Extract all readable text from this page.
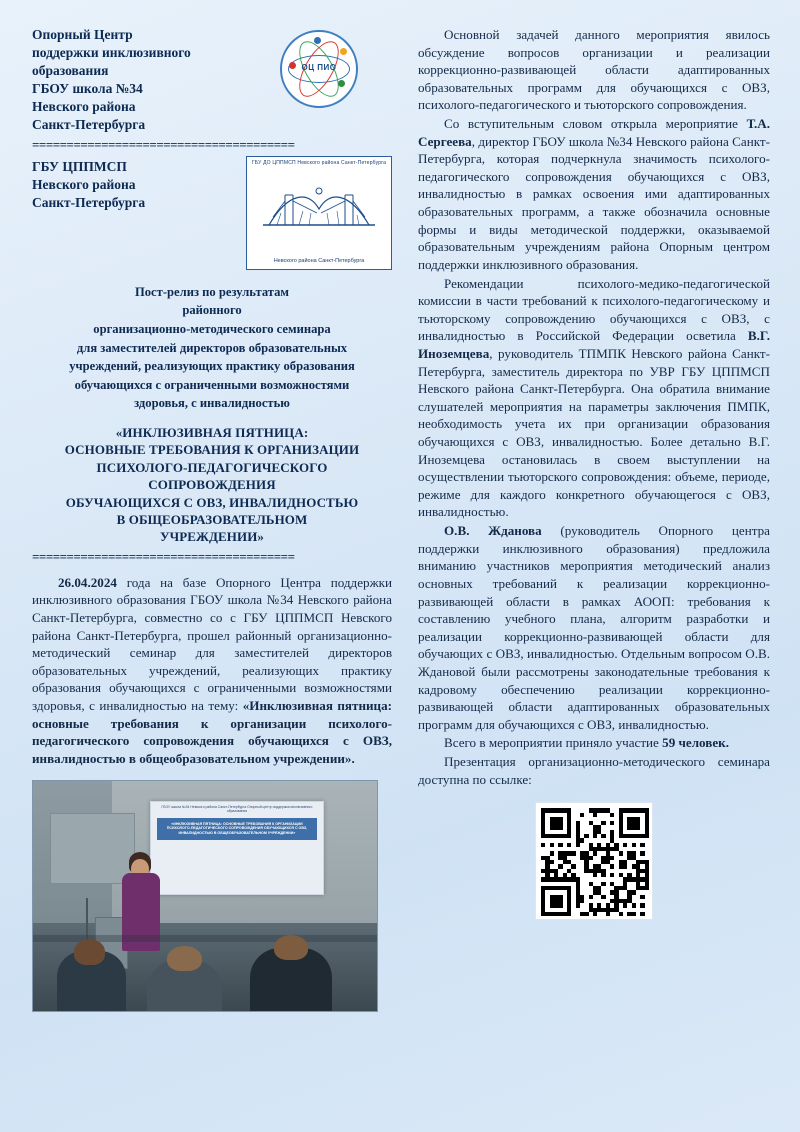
Опорный Центр
поддержки инклюзивного
образования
ГБОУ школа №34
Невского района
Санкт-Петербурга
ОЦ ПИО
======================================
ГБУ ЦППМСП
Невского района
Санкт-Петербурга
ГБУ ДО ЦППМСП Невского района Санкт-Петербурга
Невского района Санкт-Петербурга
Пост-релиз по результатам
районного
организационно-методического семинара
для заместителей директоров образовательных
учреждений, реализующих практику образования
обучающихся с ограниченными возможностями
здоровья, с инвалидностью
«ИНКЛЮЗИВНАЯ ПЯТНИЦА:
ОСНОВНЫЕ ТРЕБОВАНИЯ К ОРГАНИЗАЦИИ
ПСИХОЛОГО-ПЕДАГОГИЧЕСКОГО
СОПРОВОЖДЕНИЯ
ОБУЧАЮЩИХСЯ С ОВЗ, ИНВАЛИДНОСТЬЮ
В ОБЩЕОБРАЗОВАТЕЛЬНОМ
УЧРЕЖДЕНИИ»
======================================

26.04.2024 года на базе Опорного Центра поддержки инклюзивного образования ГБОУ школа №34 Невского района Санкт-Петербурга, совместно со с ГБУ ЦППМСП Невского района Санкт-Петербурга, прошел районный организационно-методический семинар для заместителей директоров образовательных учреждений, реализующих практику образования обучающихся с ограниченными возможностями здоровья, с инвалидностью на тему: «Инклюзивная пятница: основные требования к организации психолого-педагогического сопровождения обучающихся с ОВЗ, инвалидностью в общеобразовательном учреждении».

ГБОУ школа №34 Невского района Санкт-Петербурга Опорный центр поддержки инклюзивного образования
«ИНКЛЮЗИВНАЯ ПЯТНИЦА: ОСНОВНЫЕ ТРЕБОВАНИЯ К ОРГАНИЗАЦИИ ПСИХОЛОГО-ПЕДАГОГИЧЕСКОГО СОПРОВОЖДЕНИЯ ОБУЧАЮЩИХСЯ С ОВЗ, ИНВАЛИДНОСТЬЮ В ОБЩЕОБРАЗОВАТЕЛЬНОМ УЧРЕЖДЕНИИ»

Основной задачей данного мероприятия явилось обсуждение вопросов организации и реализации коррекционно-развивающей области адаптированных образовательных программ для обучающихся с ОВЗ, психолого-педагогического и тьюторского сопровождения.

Со вступительным словом открыла мероприятие Т.А. Сергеева, директор ГБОУ школа №34 Невского района Санкт-Петербурга, которая подчеркнула значимость психолого-педагогического сопровождения обучающихся с ОВЗ, инвалидностью в рамках освоения ими адаптированных образовательных программ, а также обозначила основные формы и виды методической поддержки, оказываемой образовательным учреждениям района Опорным центром поддержки инклюзивного образования.

Рекомендации психолого-медико-педагогической комиссии в части требований к психолого-педагогическому и тьюторскому сопровождению обучающихся с ОВЗ, с инвалидностью в Российской Федерации осветила В.Г. Иноземцева, руководитель ТПМПК Невского района Санкт-Петербурга, заместитель директора по УВР ГБУ ЦППМСП Невского района Санкт-Петербурга. Она обратила внимание слушателей мероприятия на параметры заключения ПМПК, необходимость учета их при организации образования обучающихся с ОВЗ, инвалидностью. Более детально В.Г. Иноземцева остановилась в своем выступлении на осуществлении тьюторского сопровождения: объеме, периоде, режиме для каждого конкретного обучающегося с ОВЗ, инвалидностью.

О.В. Жданова (руководитель Опорного центра поддержки инклюзивного образования) предложила вниманию участников мероприятия методический анализ основных требований к реализации коррекционно-развивающей области в рамках АООП: требования к составлению учебного плана, алгоритм разработки и реализации коррекционно-развивающей области для обучающих с ОВЗ, инвалидностью. Отдельным вопросом О.В. Ждановой были рассмотрены законодательные требования к кадровому обеспечению реализации коррекционно-развивающей области адаптированных образовательных программ для обучающихся с ОВЗ, инвалидностью.

Всего в мероприятии приняло участие 59 человек.

Презентация организационно-методического семинара доступна по ссылке:
